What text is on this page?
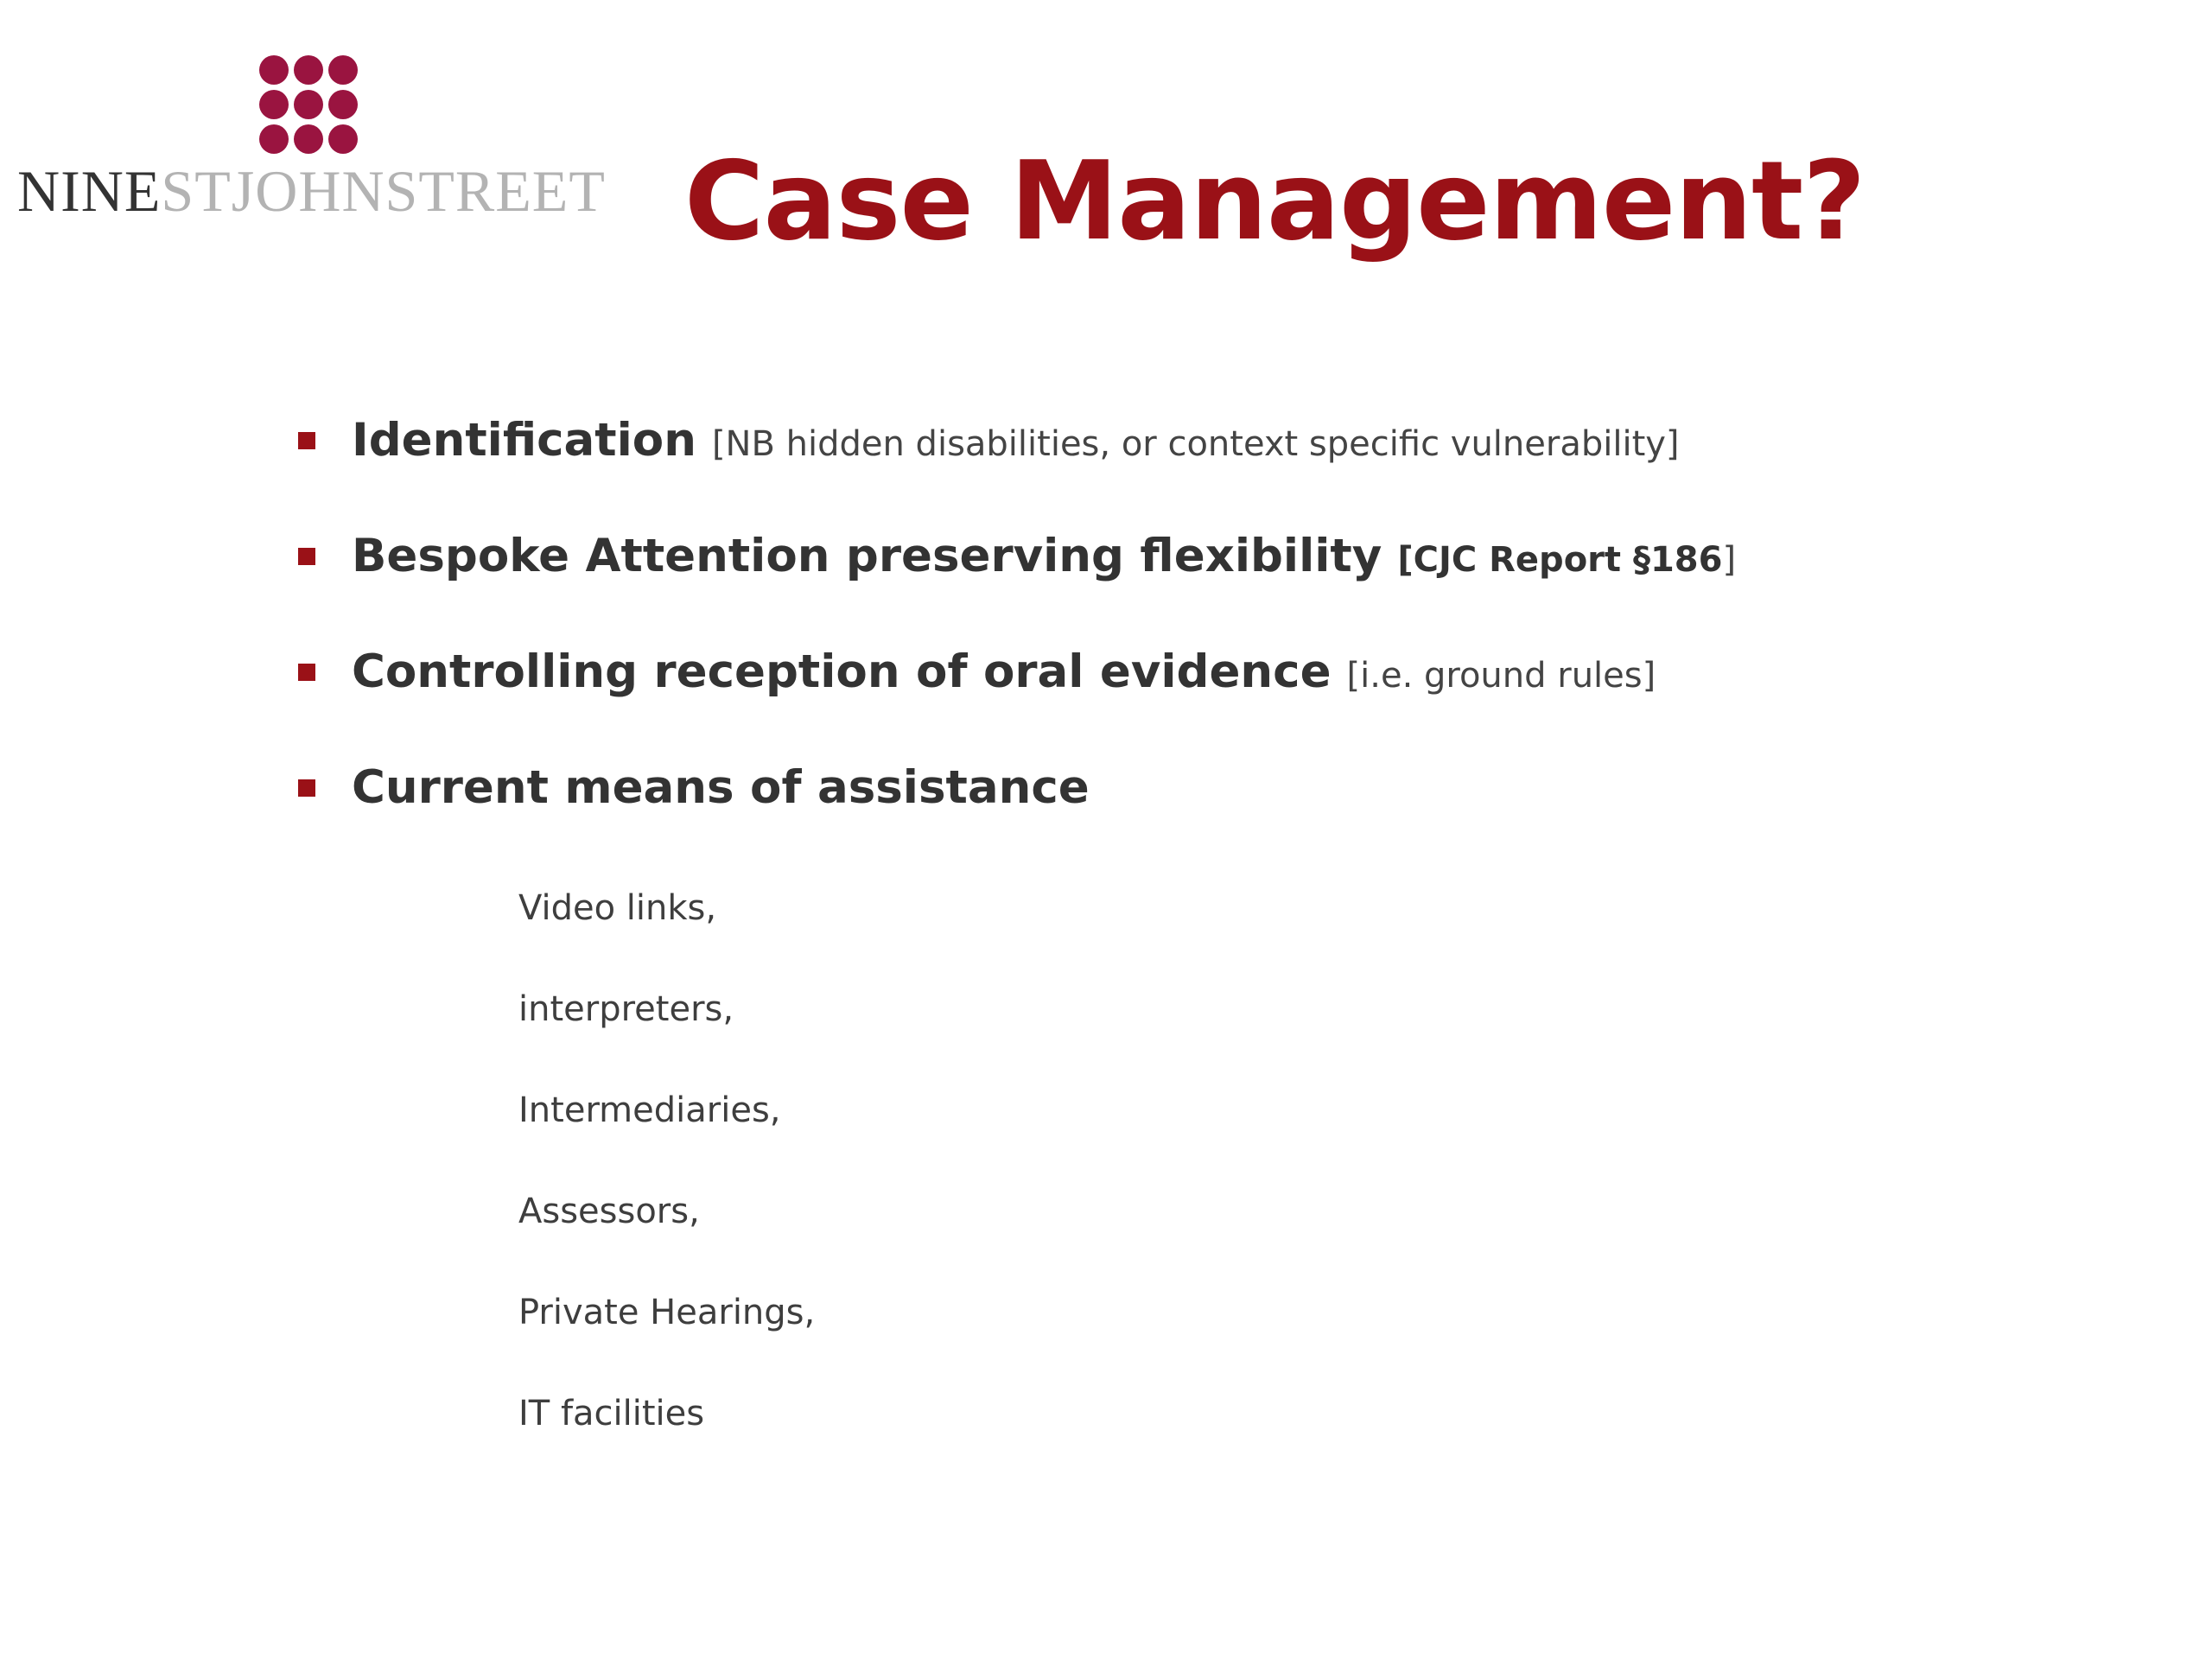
NINESTJOHNSTREET Case Management?
Identification [NB hidden disabilities, or context specific vulnerability]
Bespoke Attention preserving flexibility [CJC Report §186]
Controlling reception of oral evidence [i.e. ground rules]
Current means of assistance
Video links,
interpreters,
Intermediaries,
Assessors,
Private Hearings,
IT facilities
